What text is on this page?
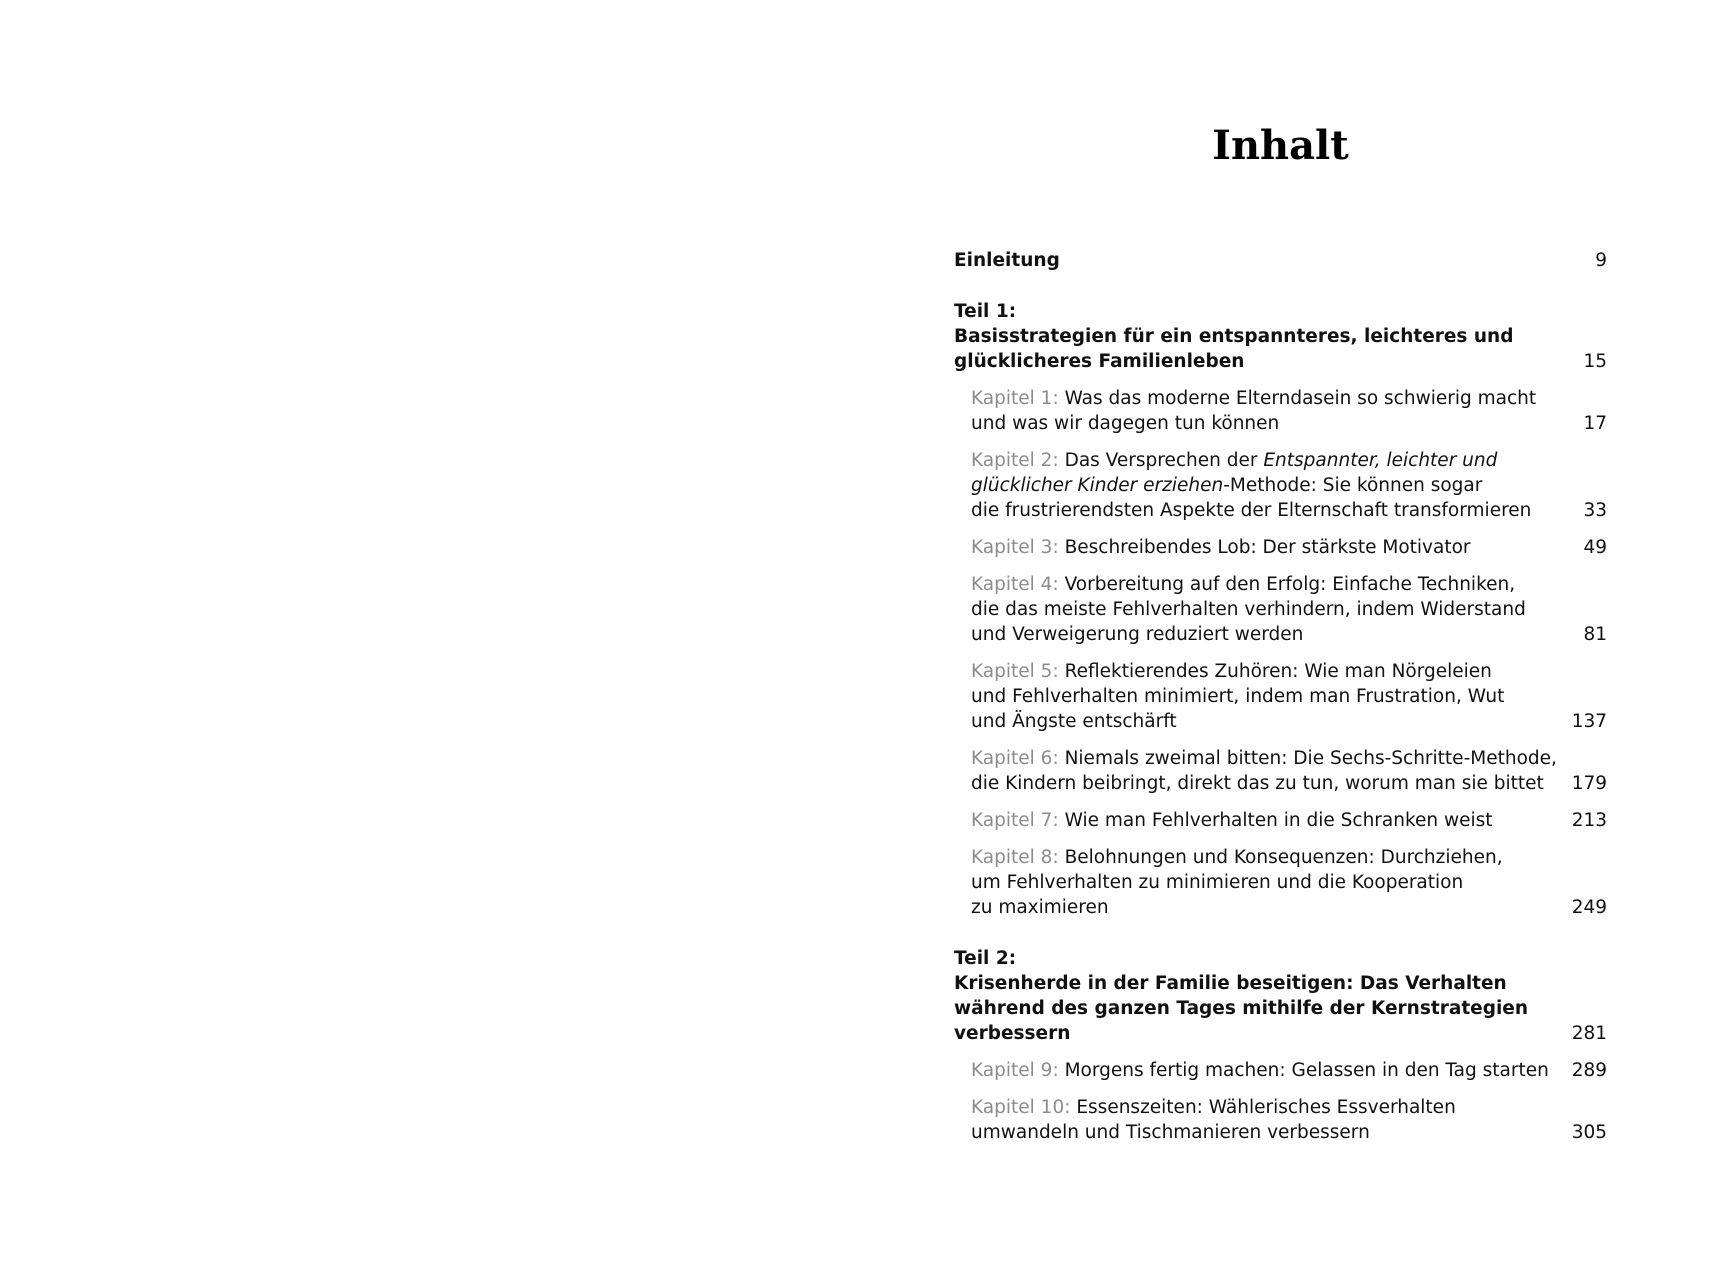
Inhalt
Einleitung	9
Teil 1:
Basisstrategien für ein entspannteres, leichteres und
glücklicheres Familienleben	15
Kapitel 1: Was das moderne Elterndasein so schwierig macht
und was wir dagegen tun können	17
Kapitel 2: Das Versprechen der Entspannter, leichter und
glücklicher Kinder erziehen-Methode: Sie können sogar
die frustrierendsten Aspekte der Elternschaft transformieren	33
Kapitel 3: Beschreibendes Lob: Der stärkste Motivator	49
Kapitel 4: Vorbereitung auf den Erfolg: Einfache Techniken,
die das meiste Fehlverhalten verhindern, indem Widerstand
und Verweigerung reduziert werden	81
Kapitel 5: Reflektierendes Zuhören: Wie man Nörgeleien
und Fehlverhalten minimiert, indem man Frustration, Wut
und Ängste entschärft	137
Kapitel 6: Niemals zweimal bitten: Die Sechs-Schritte-Methode,
die Kindern beibringt, direkt das zu tun, worum man sie bittet	179
Kapitel 7: Wie man Fehlverhalten in die Schranken weist	213
Kapitel 8: Belohnungen und Konsequenzen: Durchziehen,
um Fehlverhalten zu minimieren und die Kooperation
zu maximieren	249
Teil 2:
Krisenherde in der Familie beseitigen: Das Verhalten
während des ganzen Tages mithilfe der Kernstrategien
verbessern	281
Kapitel 9: Morgens fertig machen: Gelassen in den Tag starten	289
Kapitel 10: Essenszeiten: Wählerisches Essverhalten
umwandeln und Tischmanieren verbessern	305
